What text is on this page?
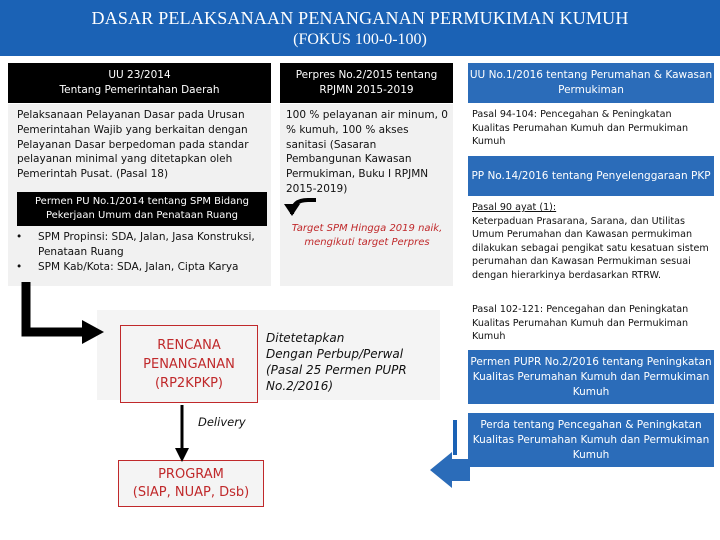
DASAR PELAKSANAAN PENANGANAN PERMUKIMAN KUMUH
(FOKUS 100-0-100)
UU 23/2014
Tentang Pemerintahan Daerah
Pelaksanaan Pelayanan Dasar pada Urusan Pemerintahan Wajib yang berkaitan dengan Pelayanan Dasar berpedoman pada standar pelayanan minimal yang ditetapkan oleh Pemerintah Pusat. (Pasal 18)
Permen PU No.1/2014 tentang SPM Bidang
Pekerjaan Umum dan Penataan Ruang
• SPM Propinsi: SDA, Jalan, Jasa Konstruksi, Penataan Ruang
• SPM Kab/Kota: SDA, Jalan, Cipta Karya
Perpres No.2/2015 tentang
RPJMN 2015-2019
100 % pelayanan air minum, 0 % kumuh, 100 % akses sanitasi (Sasaran Pembangunan Kawasan Permukiman, Buku I RPJMN 2015-2019)
Target SPM Hingga 2019 naik,
mengikuti target Perpres
RENCANA
PENANGANAN
(RP2KPKP)
Ditetetapkan
Dengan Perbup/Perwal
(Pasal 25 Permen PUPR
No.2/2016)
Delivery
PROGRAM
(SIAP, NUAP, Dsb)
UU No.1/2016 tentang Perumahan & Kawasan Permukiman
Pasal 94-104: Pencegahan & Peningkatan Kualitas Perumahan Kumuh dan Permukiman Kumuh
PP No.14/2016 tentang Penyelenggaraan PKP
Pasal 90 ayat (1):
Keterpaduan Prasarana, Sarana, dan Utilitas Umum Perumahan dan Kawasan permukiman dilakukan sebagai pengikat satu kesatuan sistem perumahan dan Kawasan Permukiman sesuai dengan hierarkinya berdasarkan RTRW.
Pasal 102-121: Pencegahan dan Peningkatan Kualitas Perumahan Kumuh dan Permukiman Kumuh
Permen PUPR No.2/2016 tentang Peningkatan Kualitas Perumahan Kumuh dan Permukiman Kumuh
Perda tentang Pencegahan & Peningkatan Kualitas Perumahan Kumuh dan Permukiman Kumuh
